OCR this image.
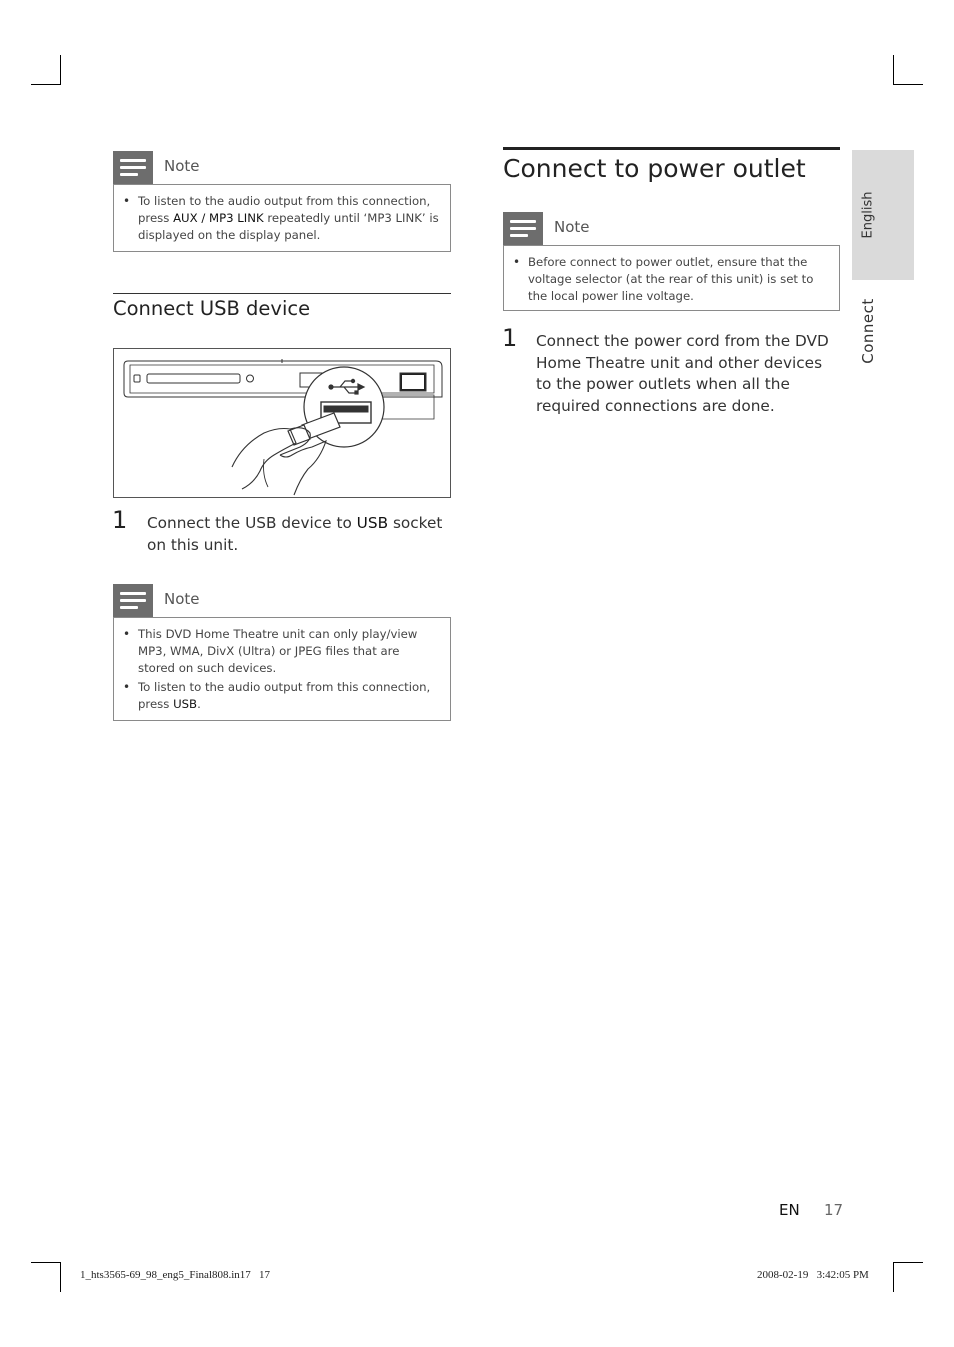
Note
• To listen to the audio output from this connection, press AUX / MP3 LINK repeatedly until ‘MP3 LINK’ is displayed on the display panel.
Connect USB device
1 Connect the USB device to USB socket on this unit.
Note
• This DVD Home Theatre unit can only play/view MP3, WMA, DivX (Ultra) or JPEG files that are stored on such devices.
• To listen to the audio output from this connection, press USB.
Connect to power outlet
Note
• Before connect to power outlet, ensure that the voltage selector (at the rear of this unit) is set to the local power line voltage.
1 Connect the power cord from the DVD Home Theatre unit and other devices to the power outlets when all the required connections are done.
English
Connect
EN 17
1_hts3565-69_98_eng5_Final808.in17   17	2008-02-19   3:42:05 PM
